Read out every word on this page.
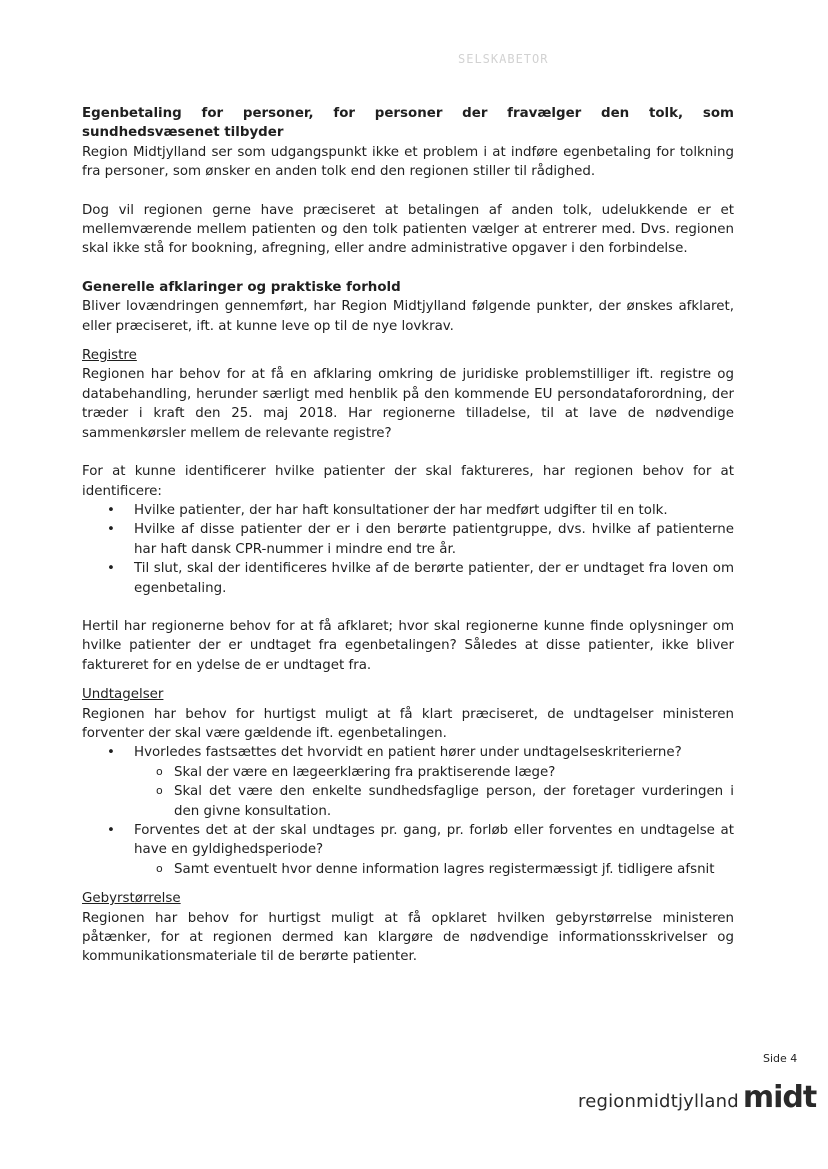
SELSKABETOR
Egenbetaling for personer, for personer der fravælger den tolk, som sundhedsvæsenet tilbyder

Region Midtjylland ser som udgangspunkt ikke et problem i at indføre egenbetaling for tolkning fra personer, som ønsker en anden tolk end den regionen stiller til rådighed.

Dog vil regionen gerne have præciseret at betalingen af anden tolk, udelukkende er et mellemværende mellem patienten og den tolk patienten vælger at entrerer med. Dvs. regionen skal ikke stå for bookning, afregning, eller andre administrative opgaver i den forbindelse.

Generelle afklaringer og praktiske forhold

Bliver lovændringen gennemført, har Region Midtjylland følgende punkter, der ønskes afklaret, eller præciseret, ift. at kunne leve op til de nye lovkrav.

Registre

Regionen har behov for at få en afklaring omkring de juridiske problemstilliger ift. registre og databehandling, herunder særligt med henblik på den kommende EU persondataforordning, der træder i kraft den 25. maj 2018. Har regionerne tilladelse, til at lave de nødvendige sammenkørsler mellem de relevante registre?

For at kunne identificerer hvilke patienter der skal faktureres, har regionen behov for at identificere:

• Hvilke patienter, der har haft konsultationer der har medført udgifter til en tolk.
• Hvilke af disse patienter der er i den berørte patientgruppe, dvs. hvilke af patienterne har haft dansk CPR-nummer i mindre end tre år.
• Til slut, skal der identificeres hvilke af de berørte patienter, der er undtaget fra loven om egenbetaling.

Hertil har regionerne behov for at få afklaret; hvor skal regionerne kunne finde oplysninger om hvilke patienter der er undtaget fra egenbetalingen? Således at disse patienter, ikke bliver faktureret for en ydelse de er undtaget fra.

Undtagelser

Regionen har behov for hurtigst muligt at få klart præciseret, de undtagelser ministeren forventer der skal være gældende ift. egenbetalingen.

• Hvorledes fastsættes det hvorvidt en patient hører under undtagelseskriterierne?
o Skal der være en lægeerklæring fra praktiserende læge?
o Skal det være den enkelte sundhedsfaglige person, der foretager vurderingen i den givne konsultation.
• Forventes det at der skal undtages pr. gang, pr. forløb eller forventes en undtagelse at have en gyldighedsperiode?
o Samt eventuelt hvor denne information lagres registermæssigt jf. tidligere afsnit
Gebyrstørrelse

Regionen har behov for hurtigst muligt at få opklaret hvilken gebyrstørrelse ministeren påtænker, for at regionen dermed kan klargøre de nødvendige informationsskrivelser og kommunikationsmateriale til de berørte patienter.

Side 4
regionmidtjylland midt
